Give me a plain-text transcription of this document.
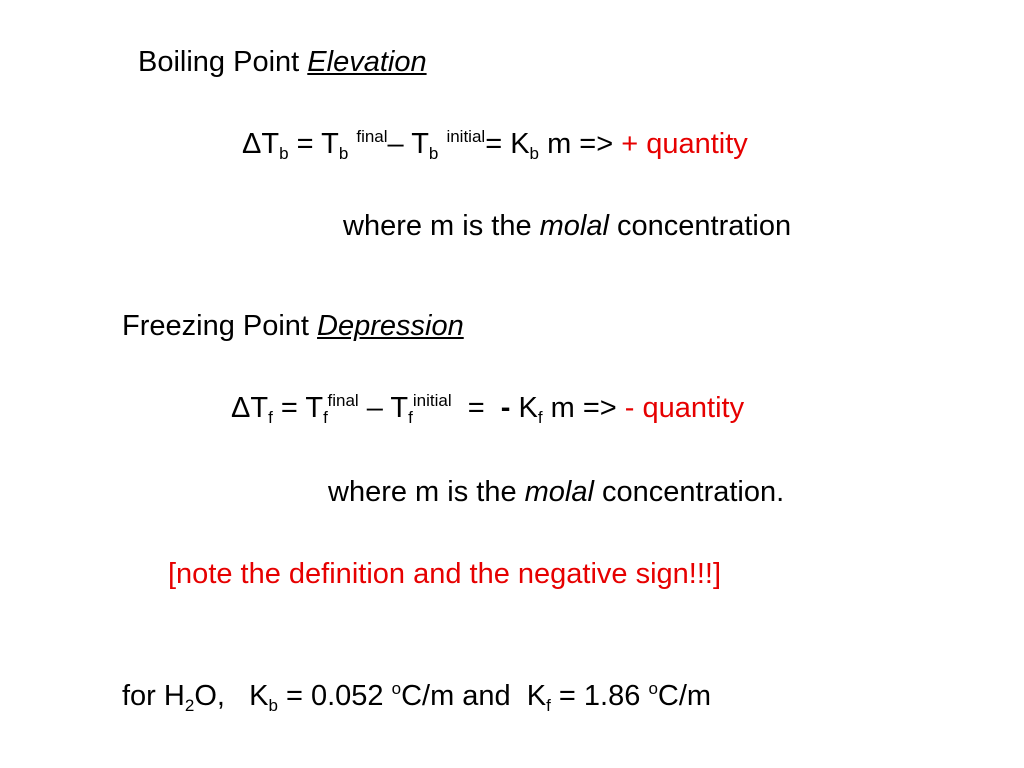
Boiling Point Elevation
$\Delta T_b = T_b$ $^{final}$– $T_b$ $^{initial}= K_b$ m => + quantity
where m is the molal concentration
Freezing Point Depression
$\Delta T_f = T_f^{final} - T_f^{initial}$  =  - $K_f$ m => - quantity
where m is the molal concentration.
[note the definition and the negative sign!!!]
for $H_2O$,   $K_b = 0.052$ $^o$C/m and  $K_f = 1.86$ $^o$C/m
